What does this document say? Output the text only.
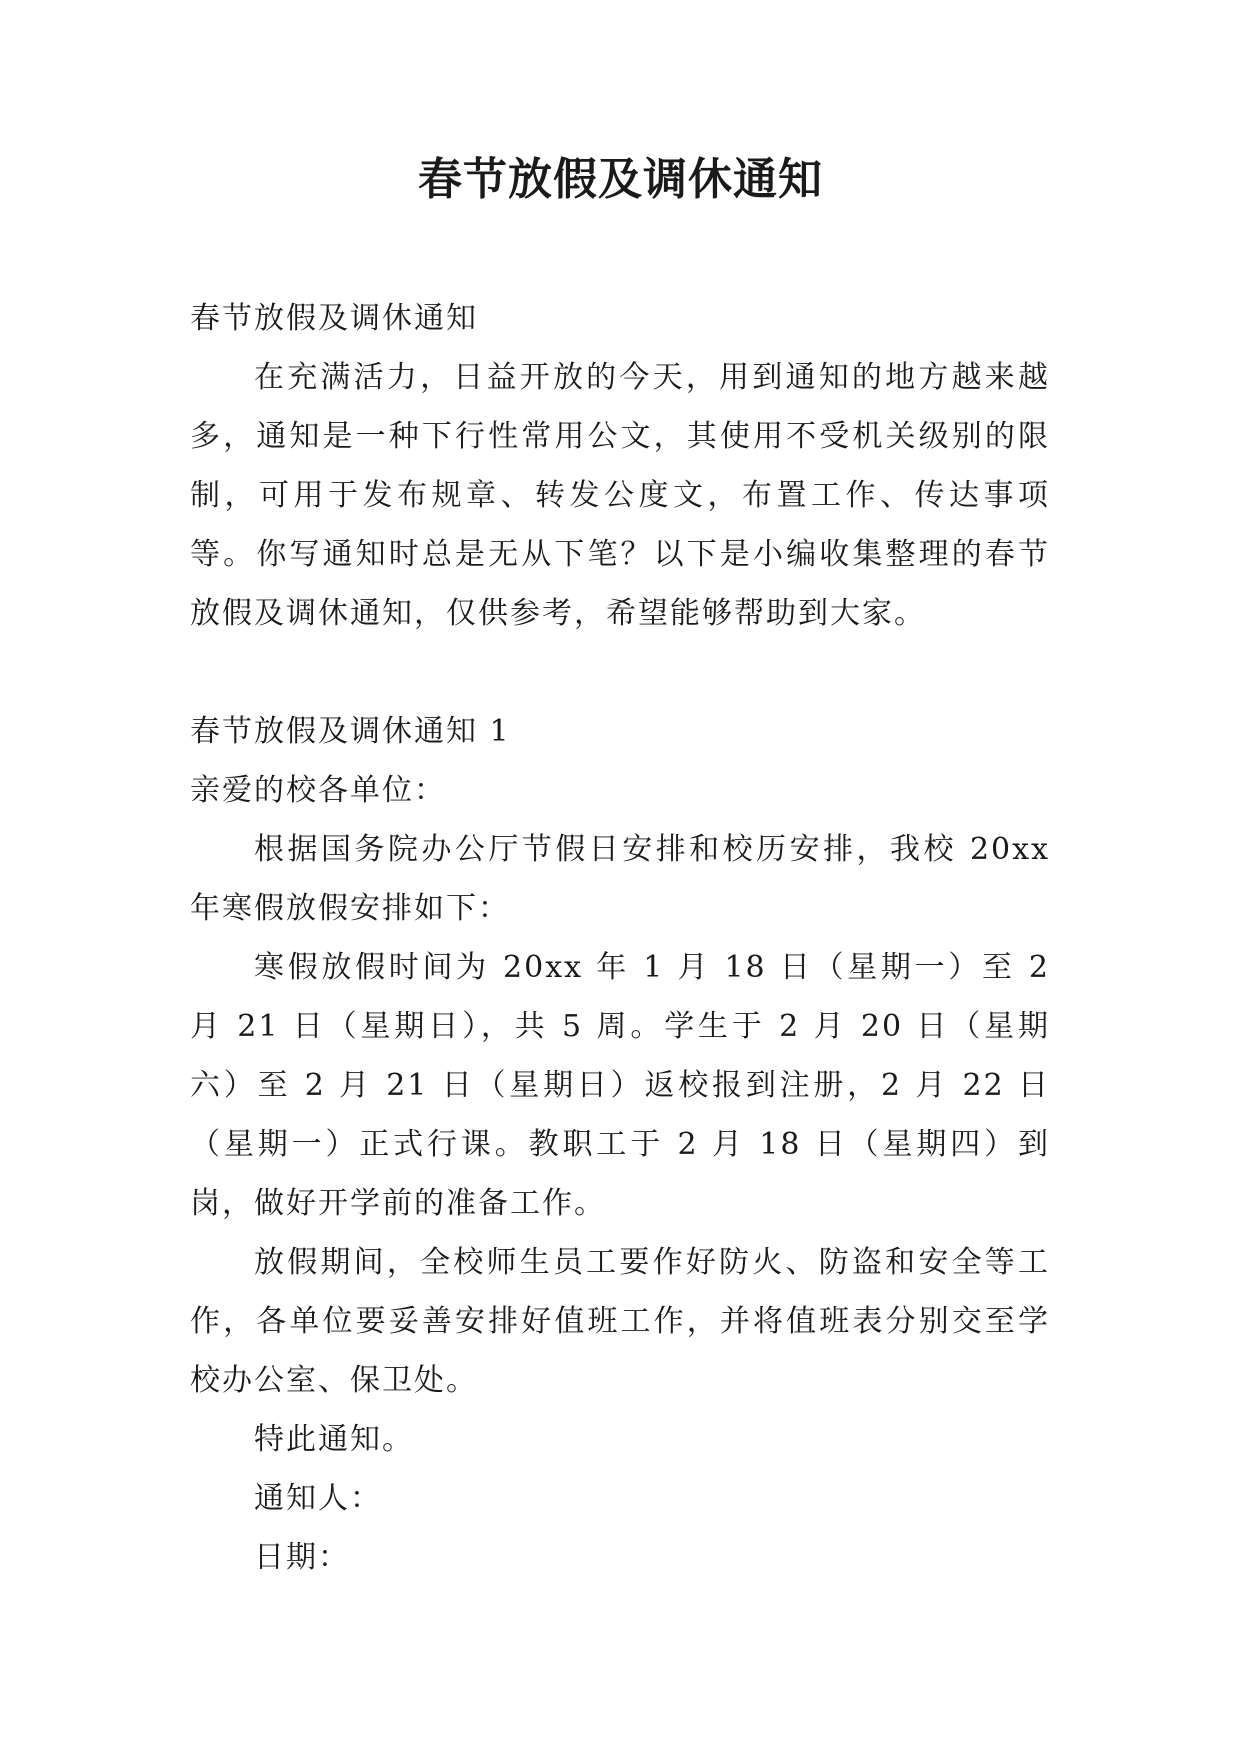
春节放假及调休通知

春节放假及调休通知

在充满活力，日益开放的今天，用到通知的地方越来越多，通知是一种下行性常用公文，其使用不受机关级别的限制，可用于发布规章、转发公度文，布置工作、传达事项等。你写通知时总是无从下笔？以下是小编收集整理的春节放假及调休通知，仅供参考，希望能够帮助到大家。

春节放假及调休通知 1

亲爱的校各单位：

根据国务院办公厅节假日安排和校历安排，我校 20xx 年寒假放假安排如下：

寒假放假时间为 20xx 年 1 月 18 日（星期一）至 2 月 21 日（星期日），共 5 周。学生于 2 月 20 日（星期六）至 2 月 21 日（星期日）返校报到注册，2 月 22 日（星期一）正式行课。教职工于 2 月 18 日（星期四）到岗，做好开学前的准备工作。

放假期间，全校师生员工要作好防火、防盗和安全等工作，各单位要妥善安排好值班工作，并将值班表分别交至学校办公室、保卫处。

特此通知。

通知人：

日期：
